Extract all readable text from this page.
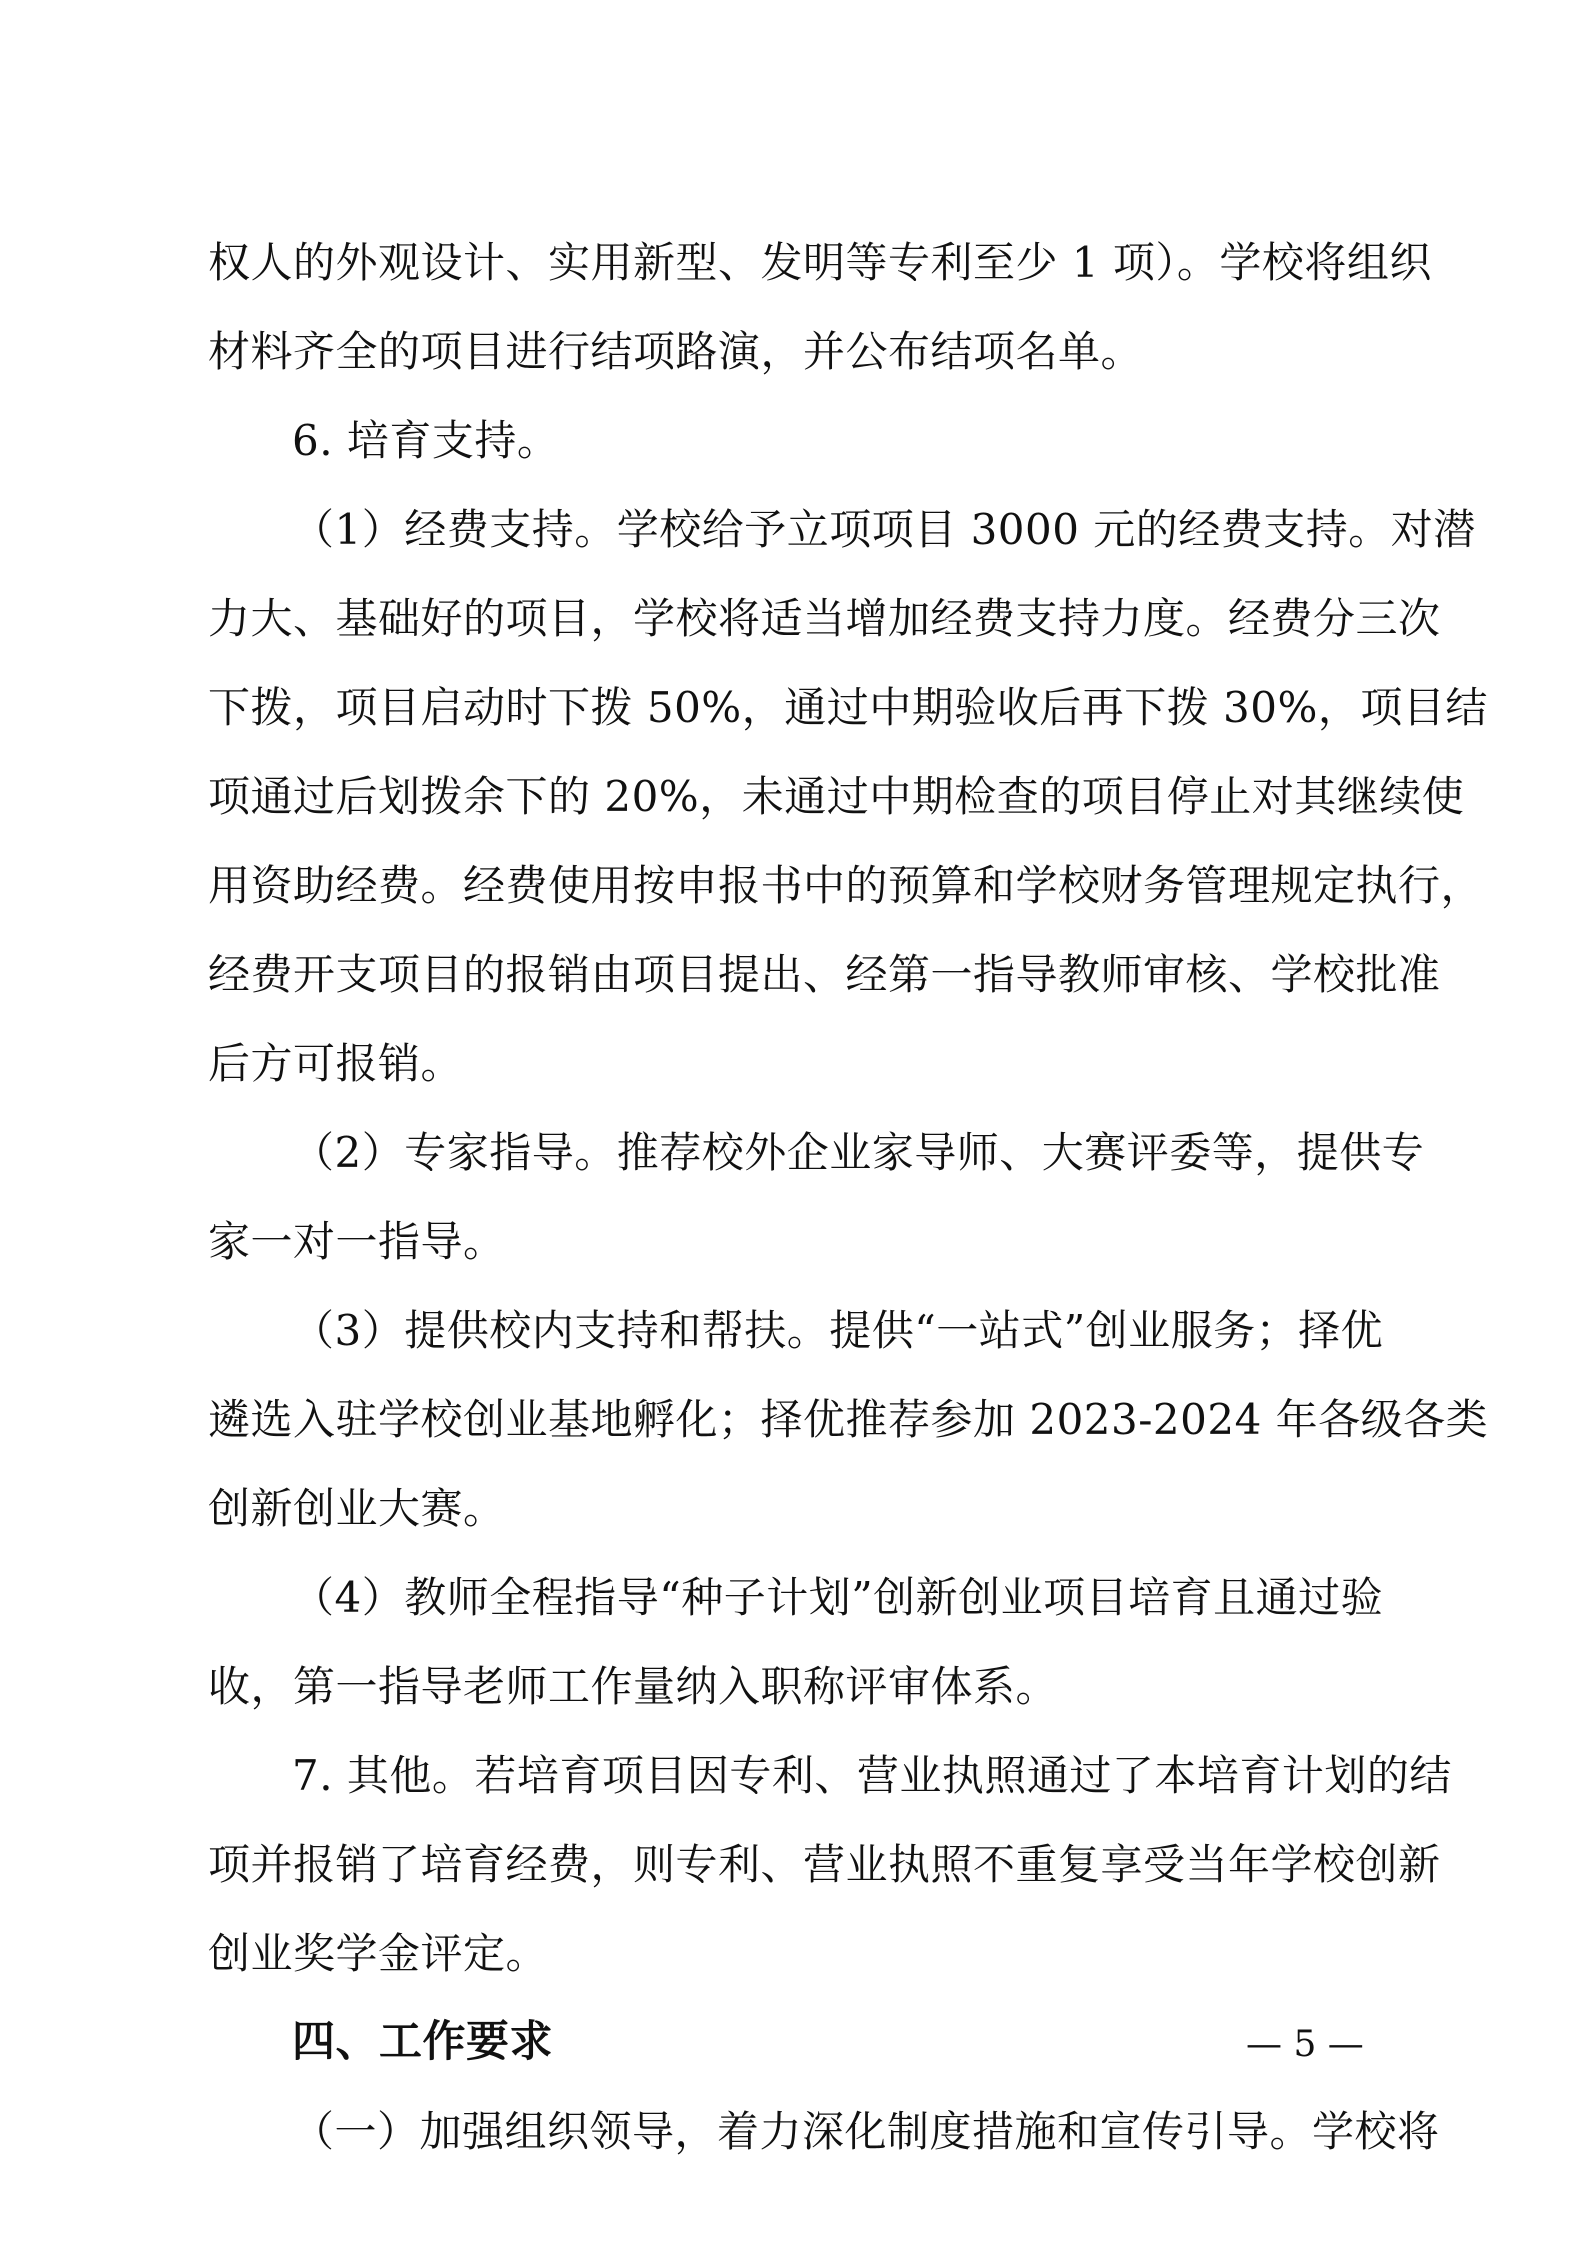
权人的外观设计、实用新型、发明等专利至少 1 项）。学校将组织
材料齐全的项目进行结项路演，并公布结项名单。
6. 培育支持。
（1）经费支持。学校给予立项项目 3000 元的经费支持。对潜
力大、基础好的项目，学校将适当增加经费支持力度。经费分三次
下拨，项目启动时下拨 50%，通过中期验收后再下拨 30%，项目结
项通过后划拨余下的 20%，未通过中期检查的项目停止对其继续使
用资助经费。经费使用按申报书中的预算和学校财务管理规定执行，
经费开支项目的报销由项目提出、经第一指导教师审核、学校批准
后方可报销。
（2）专家指导。推荐校外企业家导师、大赛评委等，提供专
家一对一指导。
（3）提供校内支持和帮扶。提供“一站式”创业服务；择优
遴选入驻学校创业基地孵化；择优推荐参加 2023-2024 年各级各类
创新创业大赛。
（4）教师全程指导“种子计划”创新创业项目培育且通过验
收，第一指导老师工作量纳入职称评审体系。
7. 其他。若培育项目因专利、营业执照通过了本培育计划的结
项并报销了培育经费，则专利、营业执照不重复享受当年学校创新
创业奖学金评定。
四、工作要求
（一）加强组织领导，着力深化制度措施和宣传引导。学校将
— 5 —
